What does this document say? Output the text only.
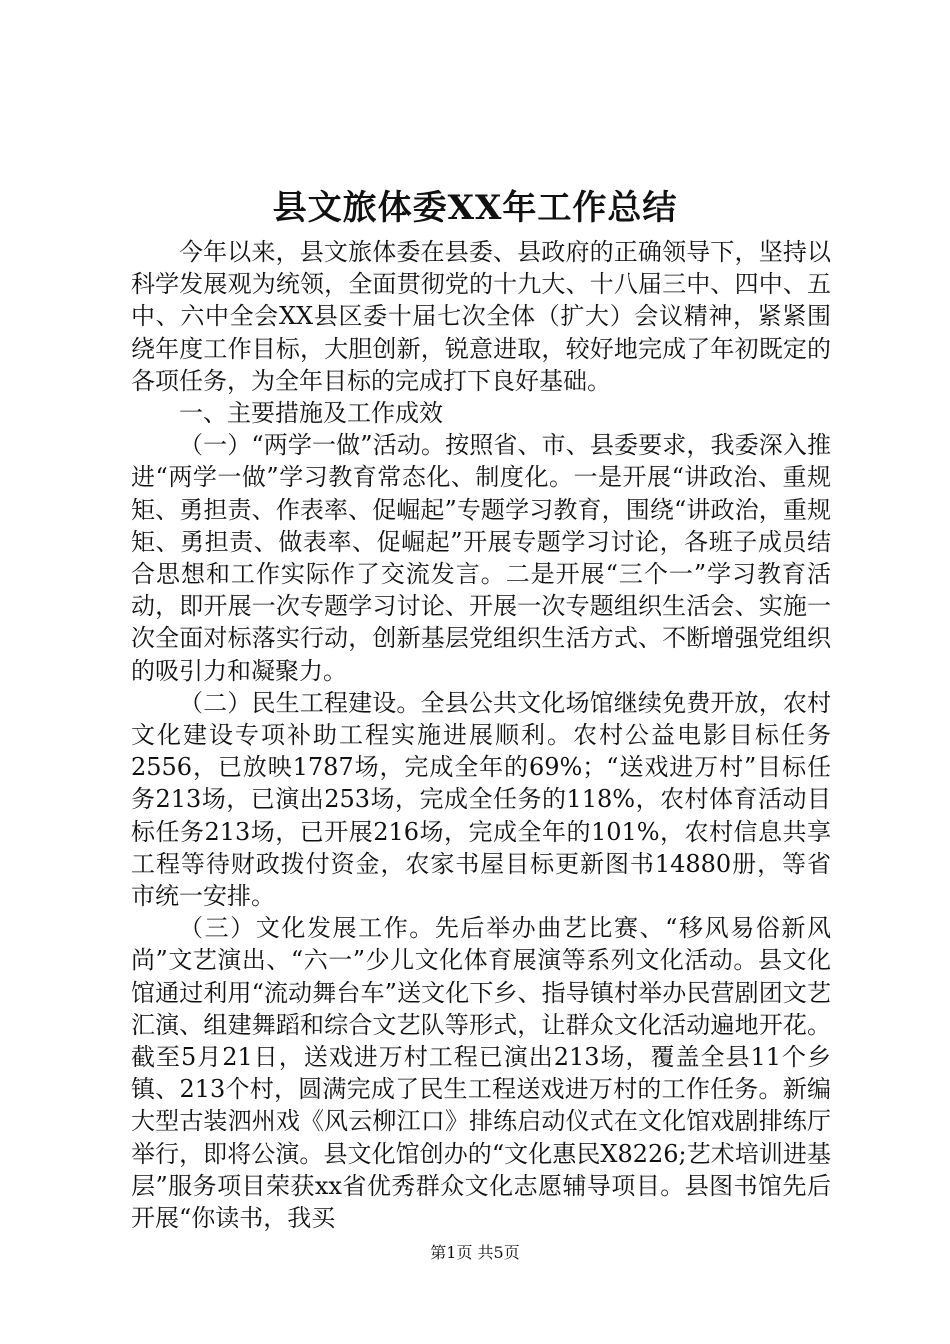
县文旅体委XX年工作总结

今年以来，县文旅体委在县委、县政府的正确领导下，坚持以科学发展观为统领，全面贯彻党的十九大、十八届三中、四中、五中、六中全会XX县区委十届七次全体（扩大）会议精神，紧紧围绕年度工作目标，大胆创新，锐意进取，较好地完成了年初既定的各项任务，为全年目标的完成打下良好基础。

一、主要措施及工作成效

（一）“两学一做”活动。按照省、市、县委要求，我委深入推进“两学一做”学习教育常态化、制度化。一是开展“讲政治、重规矩、勇担责、作表率、促崛起”专题学习教育，围绕“讲政治，重规矩、勇担责、做表率、促崛起”开展专题学习讨论，各班子成员结合思想和工作实际作了交流发言。二是开展“三个一”学习教育活动，即开展一次专题学习讨论、开展一次专题组织生活会、实施一次全面对标落实行动，创新基层党组织生活方式、不断增强党组织的吸引力和凝聚力。

（二）民生工程建设。全县公共文化场馆继续免费开放，农村文化建设专项补助工程实施进展顺利。农村公益电影目标任务2556，已放映1787场，完成全年的69%；“送戏进万村”目标任务213场，已演出253场，完成全任务的118%，农村体育活动目标任务213场，已开展216场，完成全年的101%，农村信息共享工程等待财政拨付资金，农家书屋目标更新图书14880册，等省市统一安排。

（三）文化发展工作。先后举办曲艺比赛、“移风易俗新风尚”文艺演出、“六一”少儿文化体育展演等系列文化活动。县文化馆通过利用“流动舞台车”送文化下乡、指导镇村举办民营剧团文艺汇演、组建舞蹈和综合文艺队等形式，让群众文化活动遍地开花。截至5月21日，送戏进万村工程已演出213场，覆盖全县11个乡镇、213个村，圆满完成了民生工程送戏进万村的工作任务。新编大型古装泗州戏《风云柳江口》排练启动仪式在文化馆戏剧排练厅举行，即将公演。县文化馆创办的“文化惠民X8226;艺术培训进基层”服务项目荣获xx省优秀群众文化志愿辅导项目。县图书馆先后开展“你读书，我买

第1页 共5页
